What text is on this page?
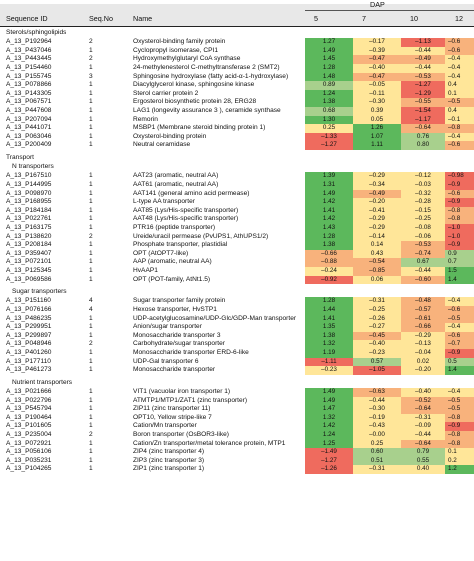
DAP
Sequence ID	Seq.No	Name	5	7	10	12
Sterols/sphingolipids
A_13_P192964	2	Oxysterol-binding family protein	1.27	–0.17	–1.13	–0.6
A_13_P437046	1	Cyclopropyl isomerase, CPI1	1.49	–0.39	–0.44	–0.6
A_13_P443445	2	Hydroxymethylglutaryl CoA synthase	1.45	–0.47	–0.49	–0.4
A_13_P154460	1	24-methylenesterol C-methyltransferase 2 (SMT2)	1.28	–0.40	–0.44	–0.4
A_13_P155745	3	Sphingosine hydroxylase (fatty acid-α-1-hydroxylase)	1.48	–0.47	–0.53	–0.4
A_13_P078866	1	Diacylglycerol kinase, sphingosine kinase	0.89	–0.05	–1.27	0.4
A_13_P143305	1	Sterol carrier protein 2	1.24	–0.11	–1.29	0.1
A_13_P067571	1	Ergosterol biosynthetic protein 28, ERG28	1.38	–0.30	–0.55	–0.5
A_13_P447608	1	LAG1 (longevity assurance 3 ), ceramide synthase	0.68	0.39	–1.54	0.4
A_13_P207094	1	Remorin	1.30	0.05	–1.17	–0.1
A_13_P441071	1	MSBP1 (Membrane steroid binding protein 1)	0.25	1.26	–0.64	–0.8
A_13_P063046	1	Oxysterol-binding protein	–1.33	1.07	0.76	–0.4
A_13_P200409	1	Neutral ceramidase	–1.27	1.11	0.80	–0.6
Transport
N transporters
A_13_P167510	1	AAT23 (aromatic, neutral AA)	1.39	–0.29	–0.12	–0.98
A_13_P144995	1	AAT61 (aromatic, neutral AA)	1.31	–0.34	–0.03	–0.9
A_13_P098970	1	AAT141 (general amino acid permease)	1.49	–0.49	–0.32	–0.6
A_13_P168955	1	L-type AA transporter	1.42	–0.20	–0.28	–0.9
A_13_P184184	1	AAT85 (Lys/His-specific transporter)	1.41	–0.41	–0.15	–0.8
A_13_P022761	1	AAT48 (Lys/His-specific transporter)	1.42	–0.29	–0.25	–0.8
A_13_P163175	1	PTR16 (peptide transporter)	1.43	–0.29	–0.08	–1.0
A_13_P138620	2	Ureide/uracil permease (PvUPS1, AthUPS1/2)	1.28	–0.14	–0.06	–1.0
A_13_P208184	1	Phosphate transporter, plastidial	1.38	0.14	–0.53	–0.9
A_13_P359407	1	OPT (AtOPT7-like)	–0.66	0.43	–0.74	0.9
A_13_P072101	1	AAP (aromatic, neutral AA)	–0.88	–0.54	0.67	0.7
A_13_P125345	1	HvAAP1	–0.24	–0.85	–0.44	1.5
A_13_P069586	1	OPT (POT-family, AtNt1.5)	–0.92	0.06	–0.60	1.4
Sugar transporters
A_13_P151160	4	Sugar transporter family protein	1.28	–0.31	–0.48	–0.4
A_13_P076166	4	Hexose transporter, HvSTP1	1.44	–0.25	–0.57	–0.6
A_13_P486235	1	UDP-acetylglucosamine/UDP-Glc/GDP-Man transporter	1.41	–0.26	–0.61	–0.5
A_13_P299951	1	Anion/sugar transporter	1.35	–0.27	–0.66	–0.4
A_13_P299897	1	Monosaccharide transporter 3	1.38	–0.45	–0.29	–0.6
A_13_P048946	2	Carbohydrate/sugar transporter	1.32	–0.40	–0.13	–0.7
A_13_P401260	1	Monosaccharide transporter ERD-6-like	1.19	–0.23	–0.04	–0.9
A_13_P177110	1	UDP-Gal transporter 6	–1.11	0.57	0.02	0.5
A_13_P461273	1	Monosaccharide transporter	–0.23	–1.05	–0.20	1.4
Nutrient transporters
A_13_P021666	1	VIT1 (vacuolar iron transporter 1)	1.49	–0.63	–0.40	–0.4
A_13_P022796	1	ATMTP1/MTP1/ZAT1 (zinc transporter)	1.49	–0.44	–0.52	–0.5
A_13_P545794	1	ZIP11 (zinc transporter 11)	1.47	–0.30	–0.64	–0.5
A_13_P190464	1	OPT10, Yellow stripe-like 7	1.32	–0.19	–0.31	–0.8
A_13_P101605	1	Cation/Mn transporter	1.42	–0.43	–0.09	–0.9
A_13_P235004	2	Boron transporter (OsBOR3-like)	1.24	–0.00	–0.44	–0.8
A_13_P072921	1	Cation/Zn transporter/metal tolerance protein, MTP1	1.25	0.25	–0.64	–0.8
A_13_P056106	1	ZIP4 (zinc transporter 4)	–1.49	0.60	0.79	0.1
A_13_P035231	1	ZIP3 (zinc transporter 3)	–1.27	0.51	0.55	0.2
A_13_P104265	1	ZIP1 (zinc transporter 1)	–1.26	–0.31	0.40	1.2
